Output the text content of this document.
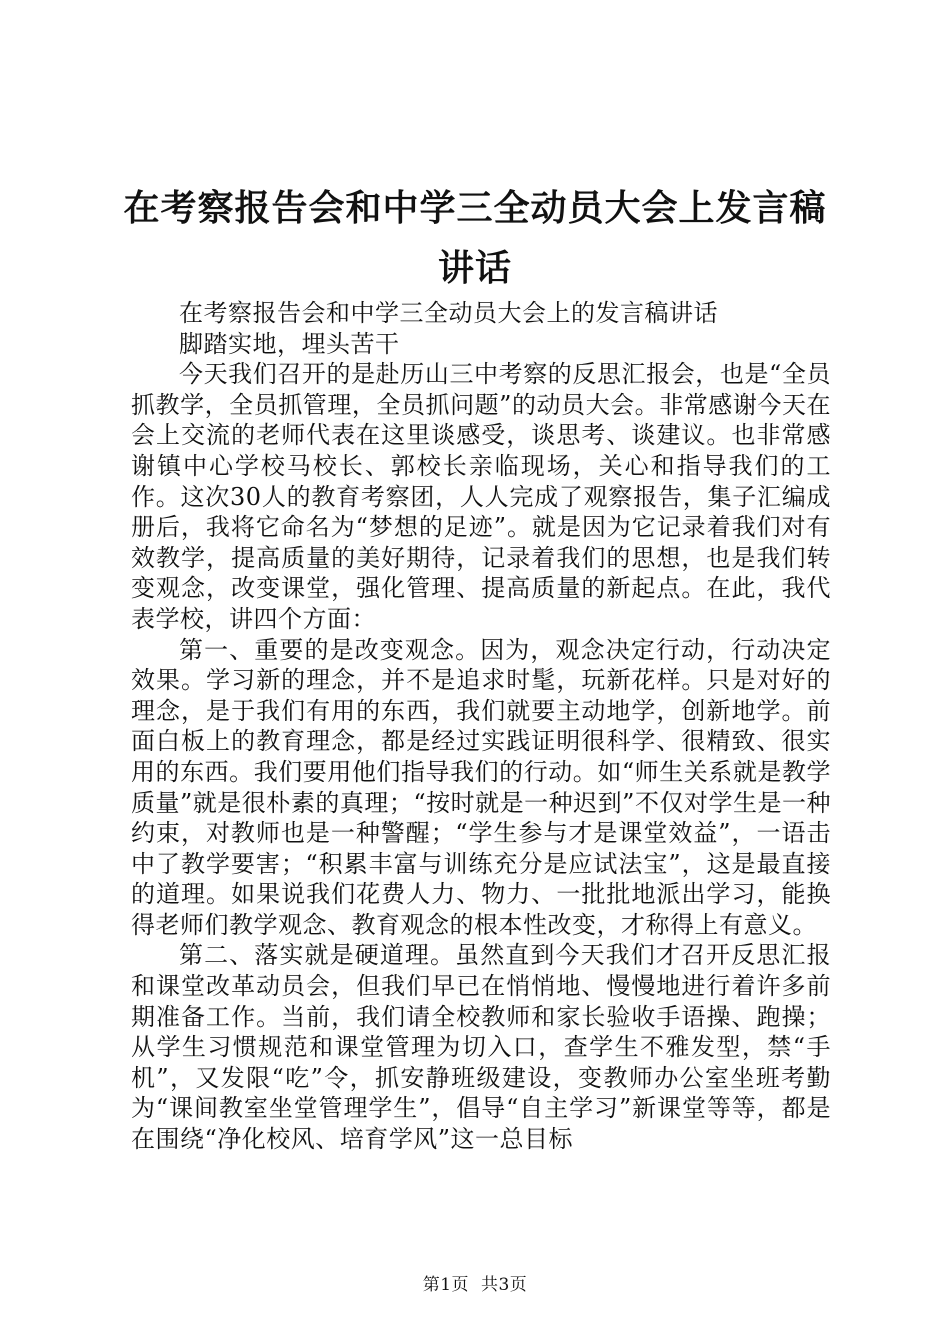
在考察报告会和中学三全动员大会上发言稿讲话

在考察报告会和中学三全动员大会上的发言稿讲话

脚踏实地，埋头苦干

今天我们召开的是赴历山三中考察的反思汇报会，也是“全员抓教学，全员抓管理，全员抓问题”的动员大会。非常感谢今天在会上交流的老师代表在这里谈感受，谈思考、谈建议。也非常感谢镇中心学校马校长、郭校长亲临现场，关心和指导我们的工作。这次30人的教育考察团，人人完成了观察报告，集子汇编成册后，我将它命名为“梦想的足迹”。就是因为它记录着我们对有效教学，提高质量的美好期待，记录着我们的思想，也是我们转变观念，改变课堂，强化管理、提高质量的新起点。在此，我代表学校，讲四个方面：

第一、重要的是改变观念。因为，观念决定行动，行动决定效果。学习新的理念，并不是追求时髦，玩新花样。只是对好的理念，是于我们有用的东西，我们就要主动地学，创新地学。前面白板上的教育理念，都是经过实践证明很科学、很精致、很实用的东西。我们要用他们指导我们的行动。如“师生关系就是教学质量”就是很朴素的真理；“按时就是一种迟到”不仅对学生是一种约束，对教师也是一种警醒；“学生参与才是课堂效益”，一语击中了教学要害；“积累丰富与训练充分是应试法宝”，这是最直接的道理。如果说我们花费人力、物力、一批批地派出学习，能换得老师们教学观念、教育观念的根本性改变，才称得上有意义。

第二、落实就是硬道理。虽然直到今天我们才召开反思汇报和课堂改革动员会，但我们早已在悄悄地、慢慢地进行着许多前期准备工作。当前，我们请全校教师和家长验收手语操、跑操；从学生习惯规范和课堂管理为切入口，查学生不雅发型，禁“手机”，又发限“吃”令，抓安静班级建设，变教师办公室坐班考勤为“课间教室坐堂管理学生”，倡导“自主学习”新课堂等等，都是在围绕“净化校风、培育学风”这一总目标

第1页 共3页
